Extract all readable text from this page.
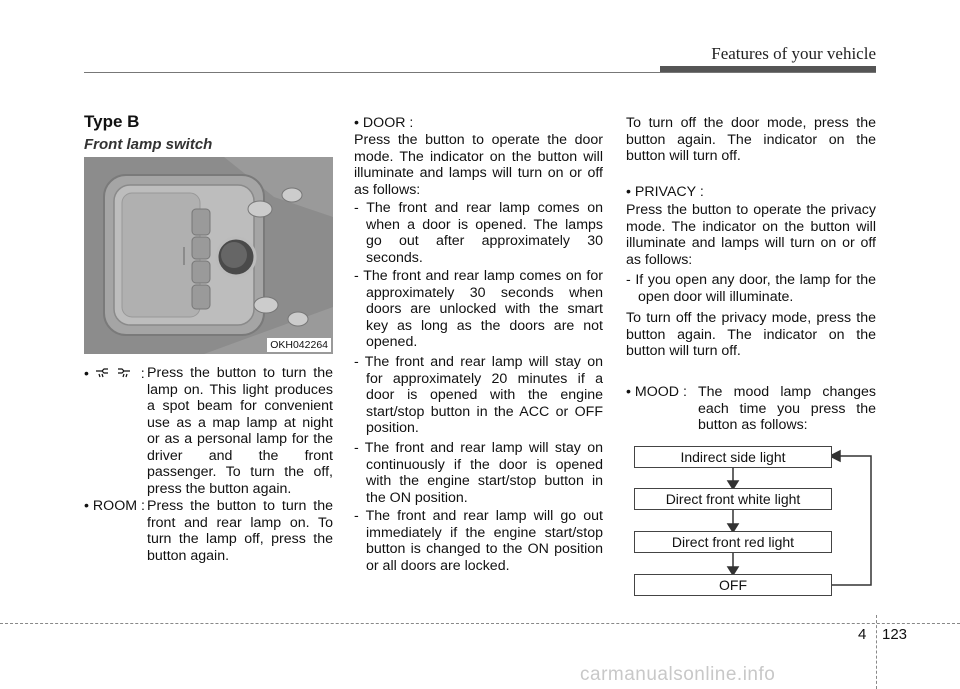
Features of your vehicle
Type B
Front lamp switch
OKH042264
•	: Press the button to turn the lamp on. This light produces a spot beam for convenient use as a map lamp at night or as a personal lamp for the driver and the front passenger. To turn the off, press the button again.
• ROOM : Press the button to turn the front and rear lamp on. To turn the lamp off, press the button again.
• DOOR :
Press the button to operate the door mode. The indicator on the button will illuminate and lamps will turn on or off as follows:
- The front and rear lamp comes on when a door is opened. The lamps go out after approximately 30 seconds.
- The front and rear lamp comes on for approximately 30 seconds when doors are unlocked with the smart key as long as the doors are not opened.
- The front and rear lamp will stay on for approximately 20 minutes if a door is opened with the engine start/stop button in the ACC or OFF position.
- The front and rear lamp will stay on continuously if the door is opened with the engine start/stop button in the ON position.
- The front and rear lamp will go out immediately if the engine start/stop button is changed to the ON position or all doors are locked.
To turn off the door mode, press the button again. The indicator on the button will turn off.
• PRIVACY :
Press the button to operate the privacy mode. The indicator on the button will illuminate and lamps will turn on or off as follows:
- If you open any door, the lamp for the open door will illuminate.
To turn off the privacy mode, press the button again. The indicator on the button will turn off.
• MOOD : The mood lamp changes each time you press the button as follows:
Indirect side light
Direct front white light
Direct front red light
OFF
4 123
carmanualsonline.info
